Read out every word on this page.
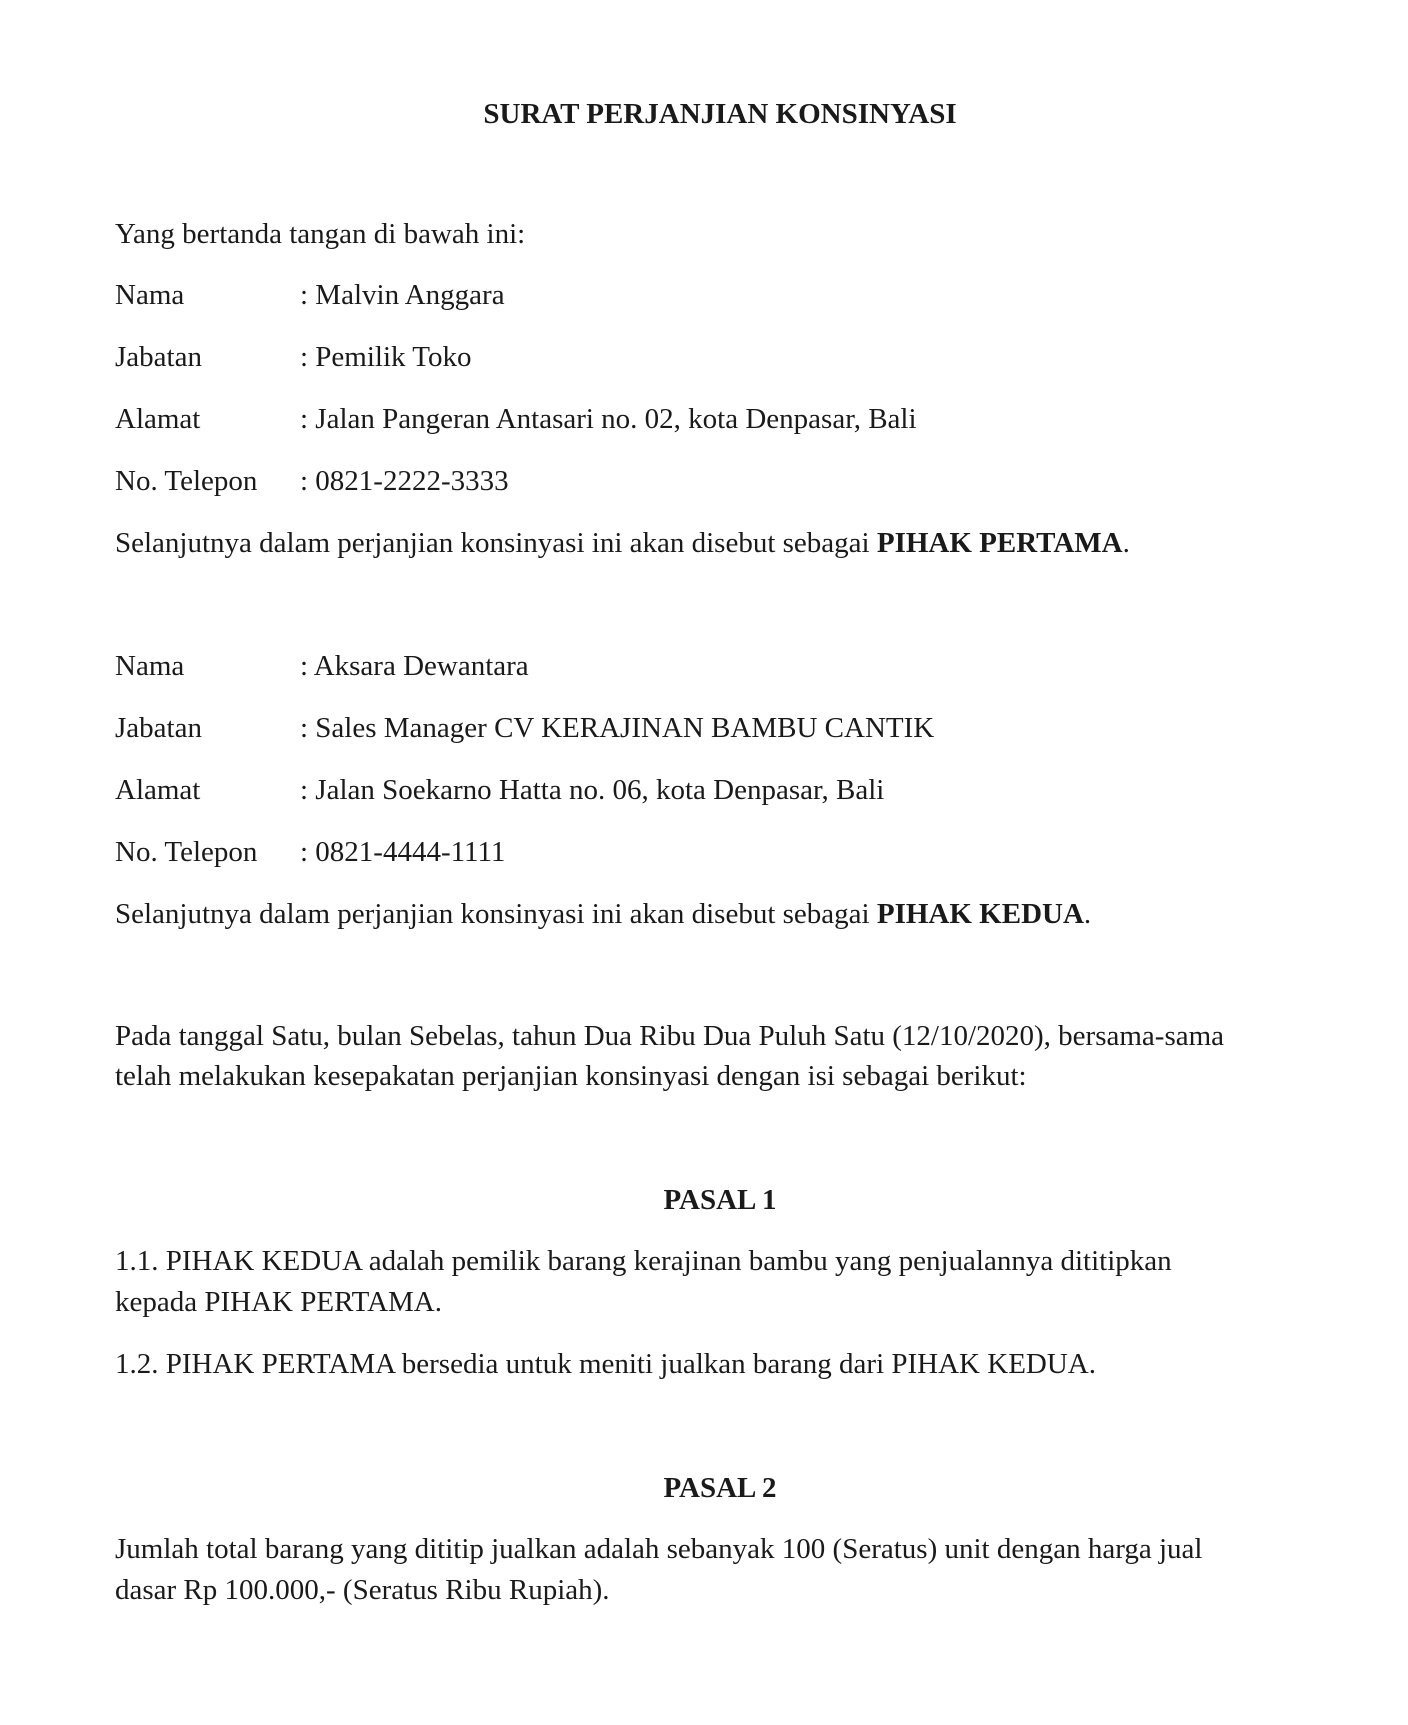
SURAT PERJANJIAN KONSINYASI
Yang bertanda tangan di bawah ini:
Nama	: Malvin Anggara
Jabatan	: Pemilik Toko
Alamat	: Jalan Pangeran Antasari no. 02, kota Denpasar, Bali
No. Telepon : 0821-2222-3333
Selanjutnya dalam perjanjian konsinyasi ini akan disebut sebagai PIHAK PERTAMA.
Nama	: Aksara Dewantara
Jabatan	: Sales Manager CV KERAJINAN BAMBU CANTIK
Alamat	: Jalan Soekarno Hatta no. 06, kota Denpasar, Bali
No. Telepon : 0821-4444-1111
Selanjutnya dalam perjanjian konsinyasi ini akan disebut sebagai PIHAK KEDUA.
Pada tanggal Satu, bulan Sebelas, tahun Dua Ribu Dua Puluh Satu (12/10/2020), bersama-sama
telah melakukan kesepakatan perjanjian konsinyasi dengan isi sebagai berikut:
PASAL 1
1.1. PIHAK KEDUA adalah pemilik barang kerajinan bambu yang penjualannya dititipkan
kepada PIHAK PERTAMA.
1.2. PIHAK PERTAMA bersedia untuk meniti jualkan barang dari PIHAK KEDUA.
PASAL 2
Jumlah total barang yang dititip jualkan adalah sebanyak 100 (Seratus) unit dengan harga jual
dasar Rp 100.000,- (Seratus Ribu Rupiah).
